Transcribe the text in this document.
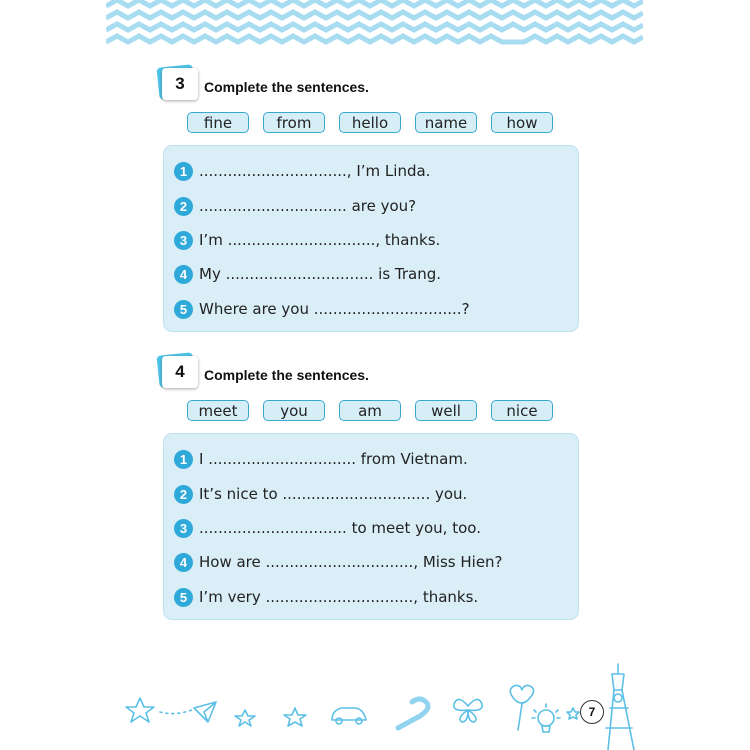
3	Complete the sentences.
fine	from	hello	name	how
1 ..............................., I’m Linda.
2 ............................... are you?
3 I’m ..............................., thanks.
4 My ............................... is Trang.
5 Where are you ...............................?
4	Complete the sentences.
meet	you	am	well	nice
1 I ............................... from Vietnam.
2 It’s nice to ............................... you.
3 ............................... to meet you, too.
4 How are ..............................., Miss Hien?
5 I’m very ..............................., thanks.
7
